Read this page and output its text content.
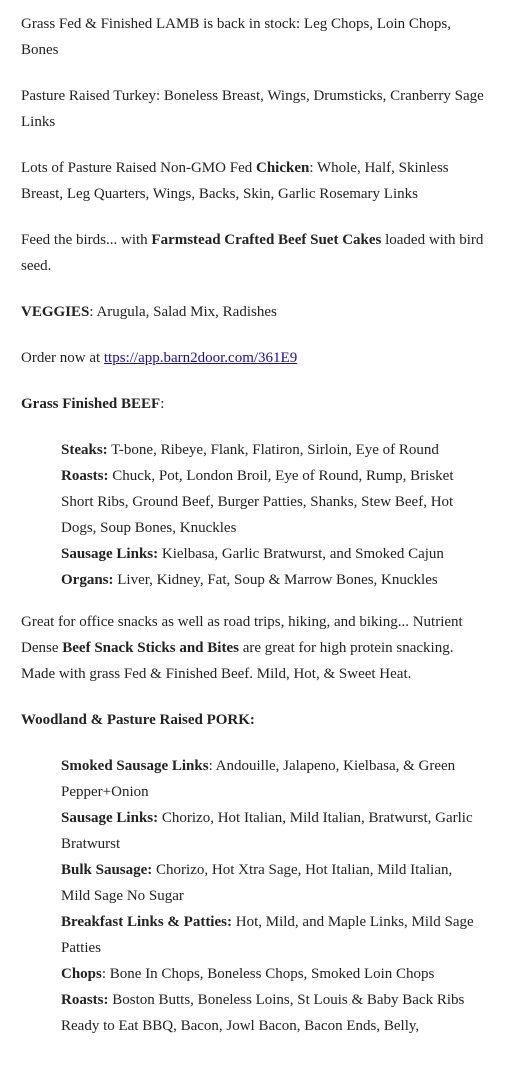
Grass Fed & Finished LAMB is back in stock: Leg Chops, Loin Chops, Bones

Pasture Raised Turkey: Boneless Breast, Wings, Drumsticks, Cranberry Sage Links

Lots of Pasture Raised Non-GMO Fed Chicken: Whole, Half, Skinless Breast, Leg Quarters, Wings, Backs, Skin, Garlic Rosemary Links

Feed the birds... with Farmstead Crafted Beef Suet Cakes loaded with bird seed.

VEGGIES: Arugula, Salad Mix, Radishes

Order now at ttps://app.barn2door.com/361E9

Grass Finished BEEF:

Steaks: T-bone, Ribeye, Flank, Flatiron, Sirloin, Eye of Round
Roasts: Chuck, Pot, London Broil, Eye of Round, Rump, Brisket
Short Ribs, Ground Beef, Burger Patties, Shanks, Stew Beef, Hot Dogs, Soup Bones, Knuckles
Sausage Links: Kielbasa, Garlic Bratwurst, and Smoked Cajun
Organs: Liver, Kidney, Fat, Soup & Marrow Bones, Knuckles

Great for office snacks as well as road trips, hiking, and biking... Nutrient Dense Beef Snack Sticks and Bites are great for high protein snacking. Made with grass Fed & Finished Beef. Mild, Hot, & Sweet Heat.

Woodland & Pasture Raised PORK:

Smoked Sausage Links: Andouille, Jalapeno, Kielbasa, & Green Pepper+Onion
Sausage Links: Chorizo, Hot Italian, Mild Italian, Bratwurst, Garlic Bratwurst
Bulk Sausage: Chorizo, Hot Xtra Sage, Hot Italian, Mild Italian, Mild Sage No Sugar
Breakfast Links & Patties: Hot, Mild, and Maple Links, Mild Sage Patties
Chops: Bone In Chops, Boneless Chops, Smoked Loin Chops
Roasts: Boston Butts, Boneless Loins, St Louis & Baby Back Ribs
Ready to Eat BBQ, Bacon, Jowl Bacon, Bacon Ends, Belly,
